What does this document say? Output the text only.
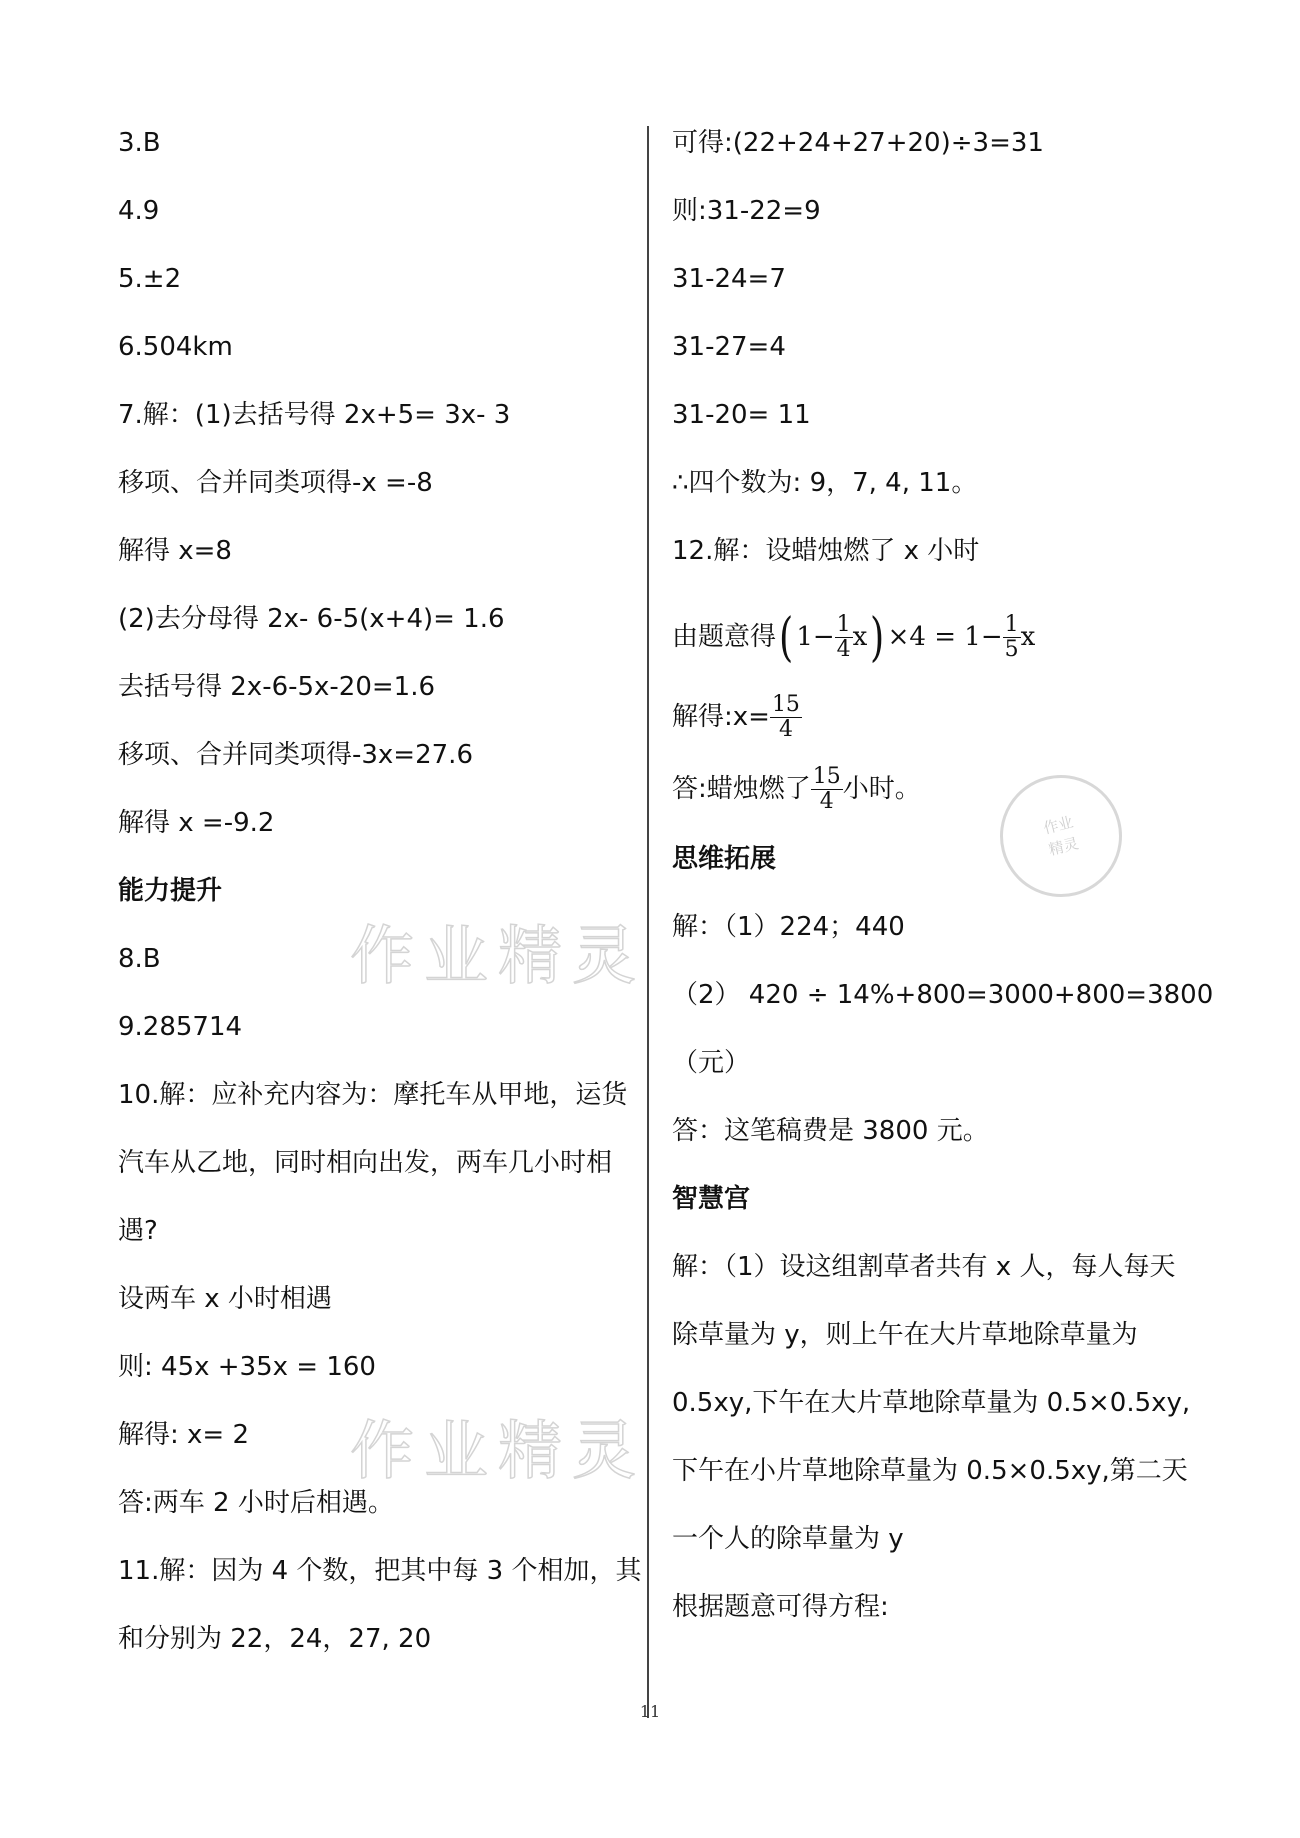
3.B
4.9
5.±2
6.504km
7.解：(1)去括号得 2x+5= 3x- 3
移项、合并同类项得-x =-8
解得 x=8
(2)去分母得 2x- 6-5(x+4)= 1.6
去括号得 2x-6-5x-20=1.6
移项、合并同类项得-3x=27.6
解得 x =-9.2
能力提升
8.B
9.285714
10.解：应补充内容为：摩托车从甲地，运货
汽车从乙地，同时相向出发，两车几小时相
遇?
设两车 x 小时相遇
则: 45x +35x = 160
解得: x= 2
答:两车 2 小时后相遇。
11.解：因为 4 个数，把其中每 3 个相加，其
和分别为 22，24，27, 20
可得:(22+24+27+20)÷3=31
则:31-22=9
31-24=7
31-27=4
31-20= 11
∴四个数为: 9，7, 4, 11。
12.解：设蜡烛燃了 x 小时
由题意得( $1- \frac{1}{4} x) \times 4 = 1- \frac{1}{5}$ x
解得:x= $\frac{15}{4}$
答:蜡烛燃了 $\frac{15}{4}$ 小时。
思维拓展
解：（1）224；440
（2） 420 ÷ 14%+800=3000+800=3800
（元）
答：这笔稿费是 3800 元。
智慧宫
解：（1）设这组割草者共有 x 人，每人每天
除草量为 y，则上午在大片草地除草量为
0.5xy,下午在大片草地除草量为 0.5×0.5xy,
下午在小片草地除草量为 0.5×0.5xy,第二天
一个人的除草量为 y
根据题意可得方程:
作业精灵
作业精灵
作业
精灵
11
